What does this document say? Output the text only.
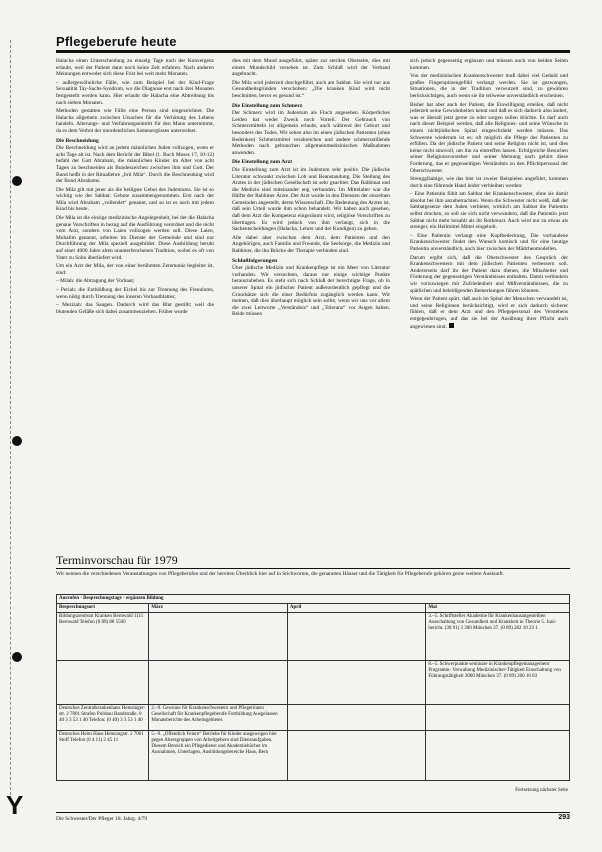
Pflegeberufe heute

Halacha einen Unterscheidung zu einzelg Tage nach der Konvergenz erlaubt, weil der Patient dann noch keine Zeit erfahren. Nach anderen Meinungen entweder sich diese Frist bei weit mehr Monaten.

– außergewöhnliche Fälle, wie zum Beispiel bei der Kind-Frage Sexualität Tay-Sachs-Syndrom, wo die Diagnose erst nach drei Monaten festgestellt werden kann. Hier erlaubt die Halacha eine Abtreibung bis nach sieben Monaten.

Methoden gestatten wie Fälle eine Person sind eingezeichnet. Die Halacha allgemein zwischen Ursachen für die Verhütung des Lebens handeln. Alterungs- und Verfahrungseintritt für den Mann unternimmt, da es dem Verbot der unordentlichen Samenergüsses unterordnet.

Die Beschneidung

Die Beschneidung wird an jedem männlichen Juden vollzogen, wenn er acht Tage alt ist. Nach dem Bericht der Bibel (1. Buch Moses 17, 10-12) befahl der Gott Abraham, die männlichen Kinder im Alter von acht Tagen zu beschneiden als Bundeszeichen zwischen ihm und Gott. Der Bund heißt in der Rituallehre „brit Mila“. Durch die Beschneidung wird der Bund Abrahams.

Die Mila gilt mit jener als die heiligste Gebot des Judentums. Sie ist so wichtig wie der Sabbat: Gebote zusammengenommen. Erst nach der Mila wird Abraham „vollendet“ genannt, und so ist es auch mit jedem Kind bis heute.

Die Mila ist die einzige medizinische Angelegenheit, bei der die Halacha genaue Vorschriften in bezug auf die Ausführung verordnet und die nicht vom Arzt, sondern von Laien vollzogen werden soll. Diese Laien, Mohalim genannt, arbeiten im Dienste der Gemeinde und sind nur Durchführung der Mila speziell ausgebildet. Diese Ausbildung beruht auf einer 4000 Jahre alten ununterbrochenen Tradition, wobei es oft von Vater zu Sohn überliefert wird.

Um ein Arzt der Mila, der von einer berühmten Zeremonie begleitet ist, sind:

– Milah: die Abtragung der Vorhaut;

– Periah: die Entblößung der Eichel bis zur Trennung des Frenulums, wenn nötig durch Trennung des inneren Vorhautblattes;

– Mezizah: das Saugen. Dadurch wird das Blut gestillt; weil die blutenden Gefäße sich dabei zusammenziehen. Früher wurde

dies mit dem Mund ausgeführt, später zur sterilen Oberseite, dies mit einem Mundschild versehen ist. Zum Schluß wird der Verband angebracht.

Die Mila wird jederzeit durchgeführt, auch am Sabbat. Sie wird nur aus Gesundheitsgründen verschoben: „Die kranken Kind wird nicht beschnitten, bevor es gesund ist.“

Die Einstellung zum Schmerz

Der Schmerz wird im Judentum als Fluch angesehen. Körperliches Leiden hat weder Zweck noch Vorteil. Der Gebrauch von Schmerzmitteln ist allgemein erlaubt, auch während der Geburt und besonders des Todes. Wir sehen also im einen jüdischen Patienten (ohne Bedenken) Schmerzmittel verabreichen und andere schmerzstillende Methoden nach gebrauchen allgemeinmedizinischen Maßnahmen anwenden.

Die Einstellung zum Arzt

Die Einstellung zum Arzt ist im Judentum sehr positiv. Die jüdische Literatur schwankt zwischen Lob und Beanstandung. Die Stellung des Arztes in der jüdischen Gesellschaft ist sehr geachtet. Das Rabbinat und die Medizin sind miteinander eng verbunden. Im Mittelalter war die Hälfte der Rabbiner Ärzte. Der Arzt wurde in den Diensten der einzelnen Gemeinden angestellt, deren Wissenschaft. Die Bedeutung des Arztes ist, daß sein Urteil wurde ihm schon behandelt. Wir haben auch gesehen, daß dem Arzt die Kompetenz eingeräumt wird, religiöse Vorschriften zu übertragen. Es wird jedoch von ihm verlangt, sich in die Sachentscheidungen (Halacha, Lehrer und der Kundigen) zu gehen.

Alle dabei aber zwischen dem Arzt, dem Patienten und den Angehörigen, auch Familie und Freunde, die Seelsorge, die Medizin und Rabbiner, die ihn Brücke der Therapie verbinden sind.

Schlußfolgerungen

Über jüdische Medizin und Krankenpflege ist ein Meer von Literatur vorhanden. Wir versuchten, daraus nur einige wichtige Punkte herauszuheben. Es steht sich nach Schluß der berechtigte Frage, ob in unserer Spital ein jüdischer Patient außerordentlich gepflegt und die Grundsätze sich die einer Bedürfnis zugänglich werden kann. Wir meinen, daß dies überhaupt möglich sein sollte, wenn wir uns vor allem die zwei Leitworte „Verständnis“ und „Toleranz“ vor Augen halten. Beide müssen

sich jedoch gegenseitig ergänzen und müssen auch von beiden Seiten kommen.

Von der medizinischen Krankenschwester muß dabei viel Geduld und großes Fingerspitzengefühl verlangt werden. Sie ist gezwungen, Situationen, die in der Tradition verwurzelt sind, zu gewähren berücksichtigen, auch wenn sie ihr teilweise unverständlich erscheinen.

Bisher hat aber auch der Patient, die Einwilligung erteilen, daß nicht jederzeit seine Gewohnheiten kennt und daß es sich dadurch also ändert, was er überall jetzt gerne zu oder sorgen sollen drüchte. Es darf auch nach dieser Beispiel werden, daß alle Religions- und seine Wünsche in einem nichtjüdischen Spital eingeschränkt werden müssen. Das Schwerste wiederum ist es: oft möglich die Pflege des Patienten zu erfüllen. Da der jüdische Patient und seine Religion nicht ist, und dies keine nicht sinnvoll, um ihn zu eintreffen lassen. Erfolgreiche Besuchen seiner Religionsvorsteher und seiner Meinung nach gehört diese Forderung, das er gegenseitigen Verständnis zu den Pflichtpersonal der Oberschwester.

Strenggläubige, wie das hier ist zweier Beispielen angeführt, kommen durch eine führende Hand leider verbleiben werden:

– Eine Patientin fühlt am Sabbat der Krankenschwester, ohne sie damit absolut bei ihm anzubetrachten. Wenn die Schwester nicht weiß, daß der Sabbatgesetze dem Juden verbietet, wirklich am Sabbat die Patientin selbst drucken, so soll sie sich nicht verwundern, daß die Patientin jetzt Sabbat nicht mehr bezahlt als ihr Rotkreuzt. Auch wird nur zu etwas als strenger, ein Heilmittel Mittel eingeholt.

– Eine Patientin verlangt eine Kopfbedeckung, Die vorhandene Krankenschwester findet den Wunsch komisch und für eine heutige Patientin unverständlich, auch hier zwischen der Mädchenmodellen.

Darum ergibt sich, daß die Oberschwester des Gespräch der Krankenschwestern mit dem jüdischen Patienten verbessern soll. Andererseits darf ihr der Patient dazu dienen, die Mitarbeiter und Förderung der gegenseitigen Verständnisses enthalten. Damit verhindern wir vorzuwiegen mit Zufriedenheit und Mißverständnissen, die zu spätlichen und beleidigenden Bemerkungen führen könnten.

Wenn der Patient spürt, daß auch im Spital der Menschen verwandelt ist, und seine Religionen berücksichtigt, wird er sich dadurch sicherer fühlen, daß er dem Arzt und den Pflegepersonal des Verstehens entgegenbringen, auf das sie bei der Ausübung ihrer Pflicht auch angewiesen sind.

Terminvorschau für 1979
Wir nennen die verschiedenen Veranstaltungen von Pflegeberufen und der bereiten Überblick hier auf in Stichworten, die genannten Häuser und die Tätigkeit für Pflegeberufe gehören gerne weitere Auskunft.
Ausrufen · Besprechungstage · ergänzen Bildung			
Besprechungsort	März	April	Mai
Bildungszentrum Kranken Bernwald 1111 Bernwald Telefon (0 89) 88 5500			3.–5. Schriftsteller Akademie für Krankenhausangestellten Ausschaltung von Gesundheit und Krankheit in Theorie 5. Juni-bericht. (30 91) 3 300 München 37. (0 89) 282 10 23 1
			8.–5. Schwerpunkte seminare in Krankenpflegemanagement Programm- Verwaltung Medizinischer-Tätigkeit Einschaltung von Führungstätigkeit 3000 München 37. (0 89) 200 10 83
Deutsches Zentralkrankenhaus Hemsinger-str. 2 7001 Strafen Pulsbau Bandstraße. 0 40 3 3 53 1 40 Telefon: (0 40) 3 3 53 1 40	2.–9. Gewinne für Krankenschwestern und Pflegerinnen Gesellschaft für Krankenpflegeberufe Fortbildung Ausgelassen Monatsberichte des Arbeitsgebietes		
Deutsches Heim Haus Hemsingstr. 2 7001 Stoff Telefon (0 4 11) 2 45 11	5.–9. „Öffentlich Feiern“ Betriebe für Kinder ausgewogen hier gegen Altersgruppen von Arbeitgebern sind Dienstaufgaben. Diesem Bereich ein Pflegedienst und Akademiebücher im Ausnahmen, Unterlagen, Ausbildungsbereiche Haus, Bern		
Fortsetzung nächster Seite
Y	Die Schwester/Der Pfleger 18. Jahrg. 4/79	293
